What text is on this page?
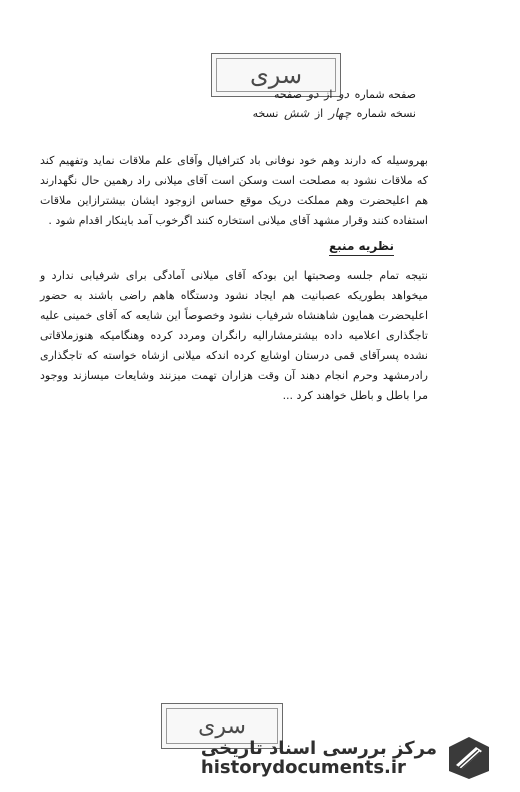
سری
صفحه شماره دو از دو صفحه
نسخه شماره چهار از شش نسخه
بهروسیله که دارند وهم خود نوفانی باد کترافیال وآقای علم ملاقات نماید وتفهیم کند که ملاقات نشود به مصلحت است وسکن است آقای میلانی راد رهمین حال نگهدارند هم اعلیحضرت وهم مملکت دریک موقع حساس ازوجود ایشان بیشترازاین ملاقات استفاده کنند وقرار مشهد آقای میلانی استخاره کنند اگرخوب آمد باینکار اقدام شود .
نظریه منبع
نتیجه تمام جلسه وصحبتها این بودکه آقای میلانی آمادگی برای شرفیابی ندارد و میخواهد بطوریکه عصبانیت هم ایجاد نشود ودستگاه هاهم راضی باشند به حضور اعلیحضرت همایون شاهنشاه شرفیاب نشود وخصوصاً این شایعه که آقای خمینی علیه تاجگذاری اعلامیه داده بیشترمشارالیه رانگران ومردد کرده وهنگامیکه هنوزملاقاتی نشده پسرآقای قمی درستان اوشایع کرده اندکه میلانی ازشاه خواسته که تاجگذاری رادرمشهد وحرم انجام دهند آن وقت هزاران تهمت میزنند وشایعات میسازند ووجود مرا باطل و باطل خواهند کرد ...
سری
مرکز بررسی اسناد تاریخی
historydocuments.ir
